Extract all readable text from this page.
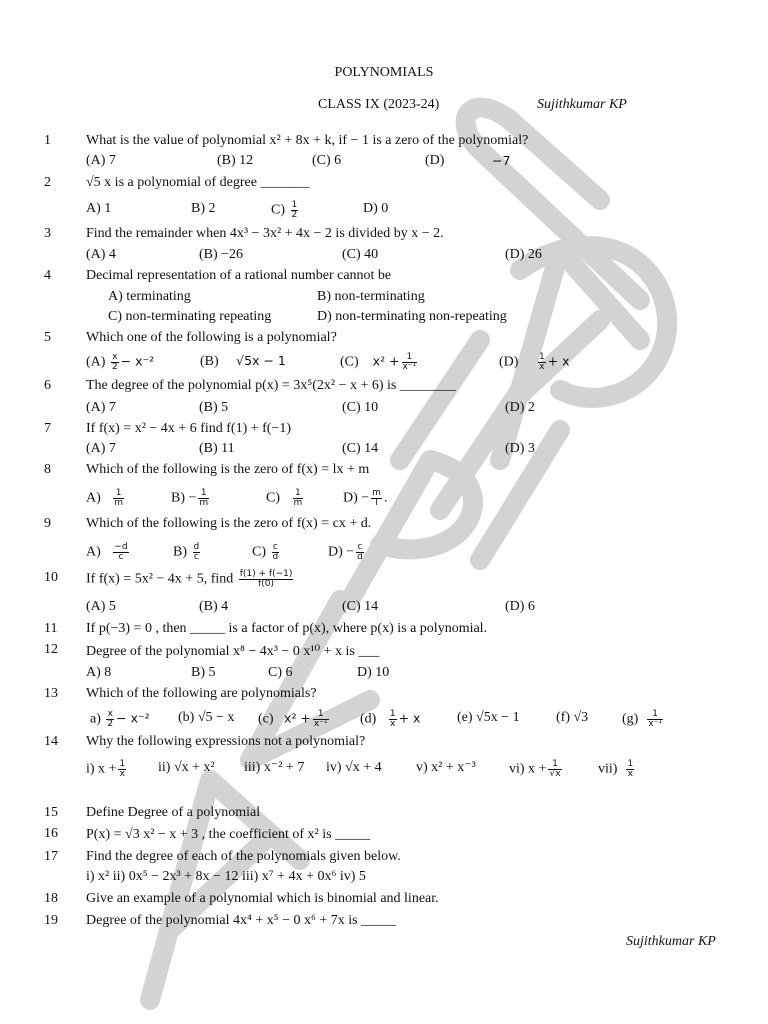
POLYNOMIALS
CLASS IX (2023-24)	Sujithkumar KP
1	What is the value of polynomial x² + 8x + k, if − 1 is a zero of the polynomial?
(A) 7	(B) 12	(C) 6	(D)	−7
2	√5 x is a polynomial of degree _______
A) 1	B) 2	$C) \frac{1}{2}$	D) 0
3	Find the remainder when 4x³ − 3x² + 4x − 2 is divided by x − 2.
(A) 4	(B) −26	(C) 40	(D) 26
4	Decimal representation of a rational number cannot be
A) terminating	B) non-terminating
C) non-terminating repeating	D) non-terminating non-repeating
5	Which one of the following is a polynomial?
$(A) \frac{x}{2} - x^{-2}$	(B) √5x − 1	(C) $x^2 + \frac{1}{\text{x⁻¹}}$	$(D) \frac{1}{x} + x$
6	The degree of the polynomial p(x) = 3x⁵(2x² − x + 6) is ________
(A) 7	(B) 5	(C) 10	(D) 2
7	If f(x) = x² − 4x + 6 find f(1) + f(−1)
(A) 7	(B) 11	(C) 14	(D) 3
8	Which of the following is the zero of f(x) = lx + m
$A) \frac{1}{m}$	$B) - \frac{1}{m}$	$C) \frac{1}{m}$	$D) - \frac{m}{l}$ .
9	Which of the following is the zero of f(x) = cx + d.
$A) \frac{-d}{c}$	$B) \frac{d}{c}$	$C) \frac{c}{d}$	$D) - \frac{c}{d}$
10	If f(x) = 5x² − 4x + 5, find $\frac{f(1) + f(-1)}{f(0)}$
(A) 5	(B) 4	(C) 14	(D) 6
11	If p(−3) = 0 , then _____ is a factor of p(x), where p(x) is a polynomial.
12	Degree of the polynomial x⁸ − 4x³ − 0 x¹⁰ + x is ___
A) 8	B) 5	C) 6	D) 10
13	Which of the following are polynomials?
$a) \frac{x}{2} - x^{-2}$ (b) √5 − x (c) $x^2 + \frac{1}{\text{x⁻¹}} (d) \frac{1}{x} + x$	(e) √5x − 1	(f) √3 $(g) \frac{1}{\text{x⁻¹}}$
14	Why the following expressions not a polynomial?
i) $x + \frac{1}{x} ii$) √x + x² iii) x⁻² + 7 iv) √x + 4 v) x² + x⁻³ vi) $x + \frac{1}{√x}$	$vii) \frac{1}{x}$
15	Define Degree of a polynomial
16	P(x) = √3 x² − x + 3 , the coefficient of x² is _____
17	Find the degree of each of the polynomials given below.
i) x² ii) 0x⁵ − 2x³ + 8x − 12 iii) x⁷ + 4x + 0x⁶ iv) 5
18	Give an example of a polynomial which is binomial and linear.
19	Degree of the polynomial 4x⁴ + x⁵ − 0 x⁶ + 7x is _____
Sujithkumar KP
